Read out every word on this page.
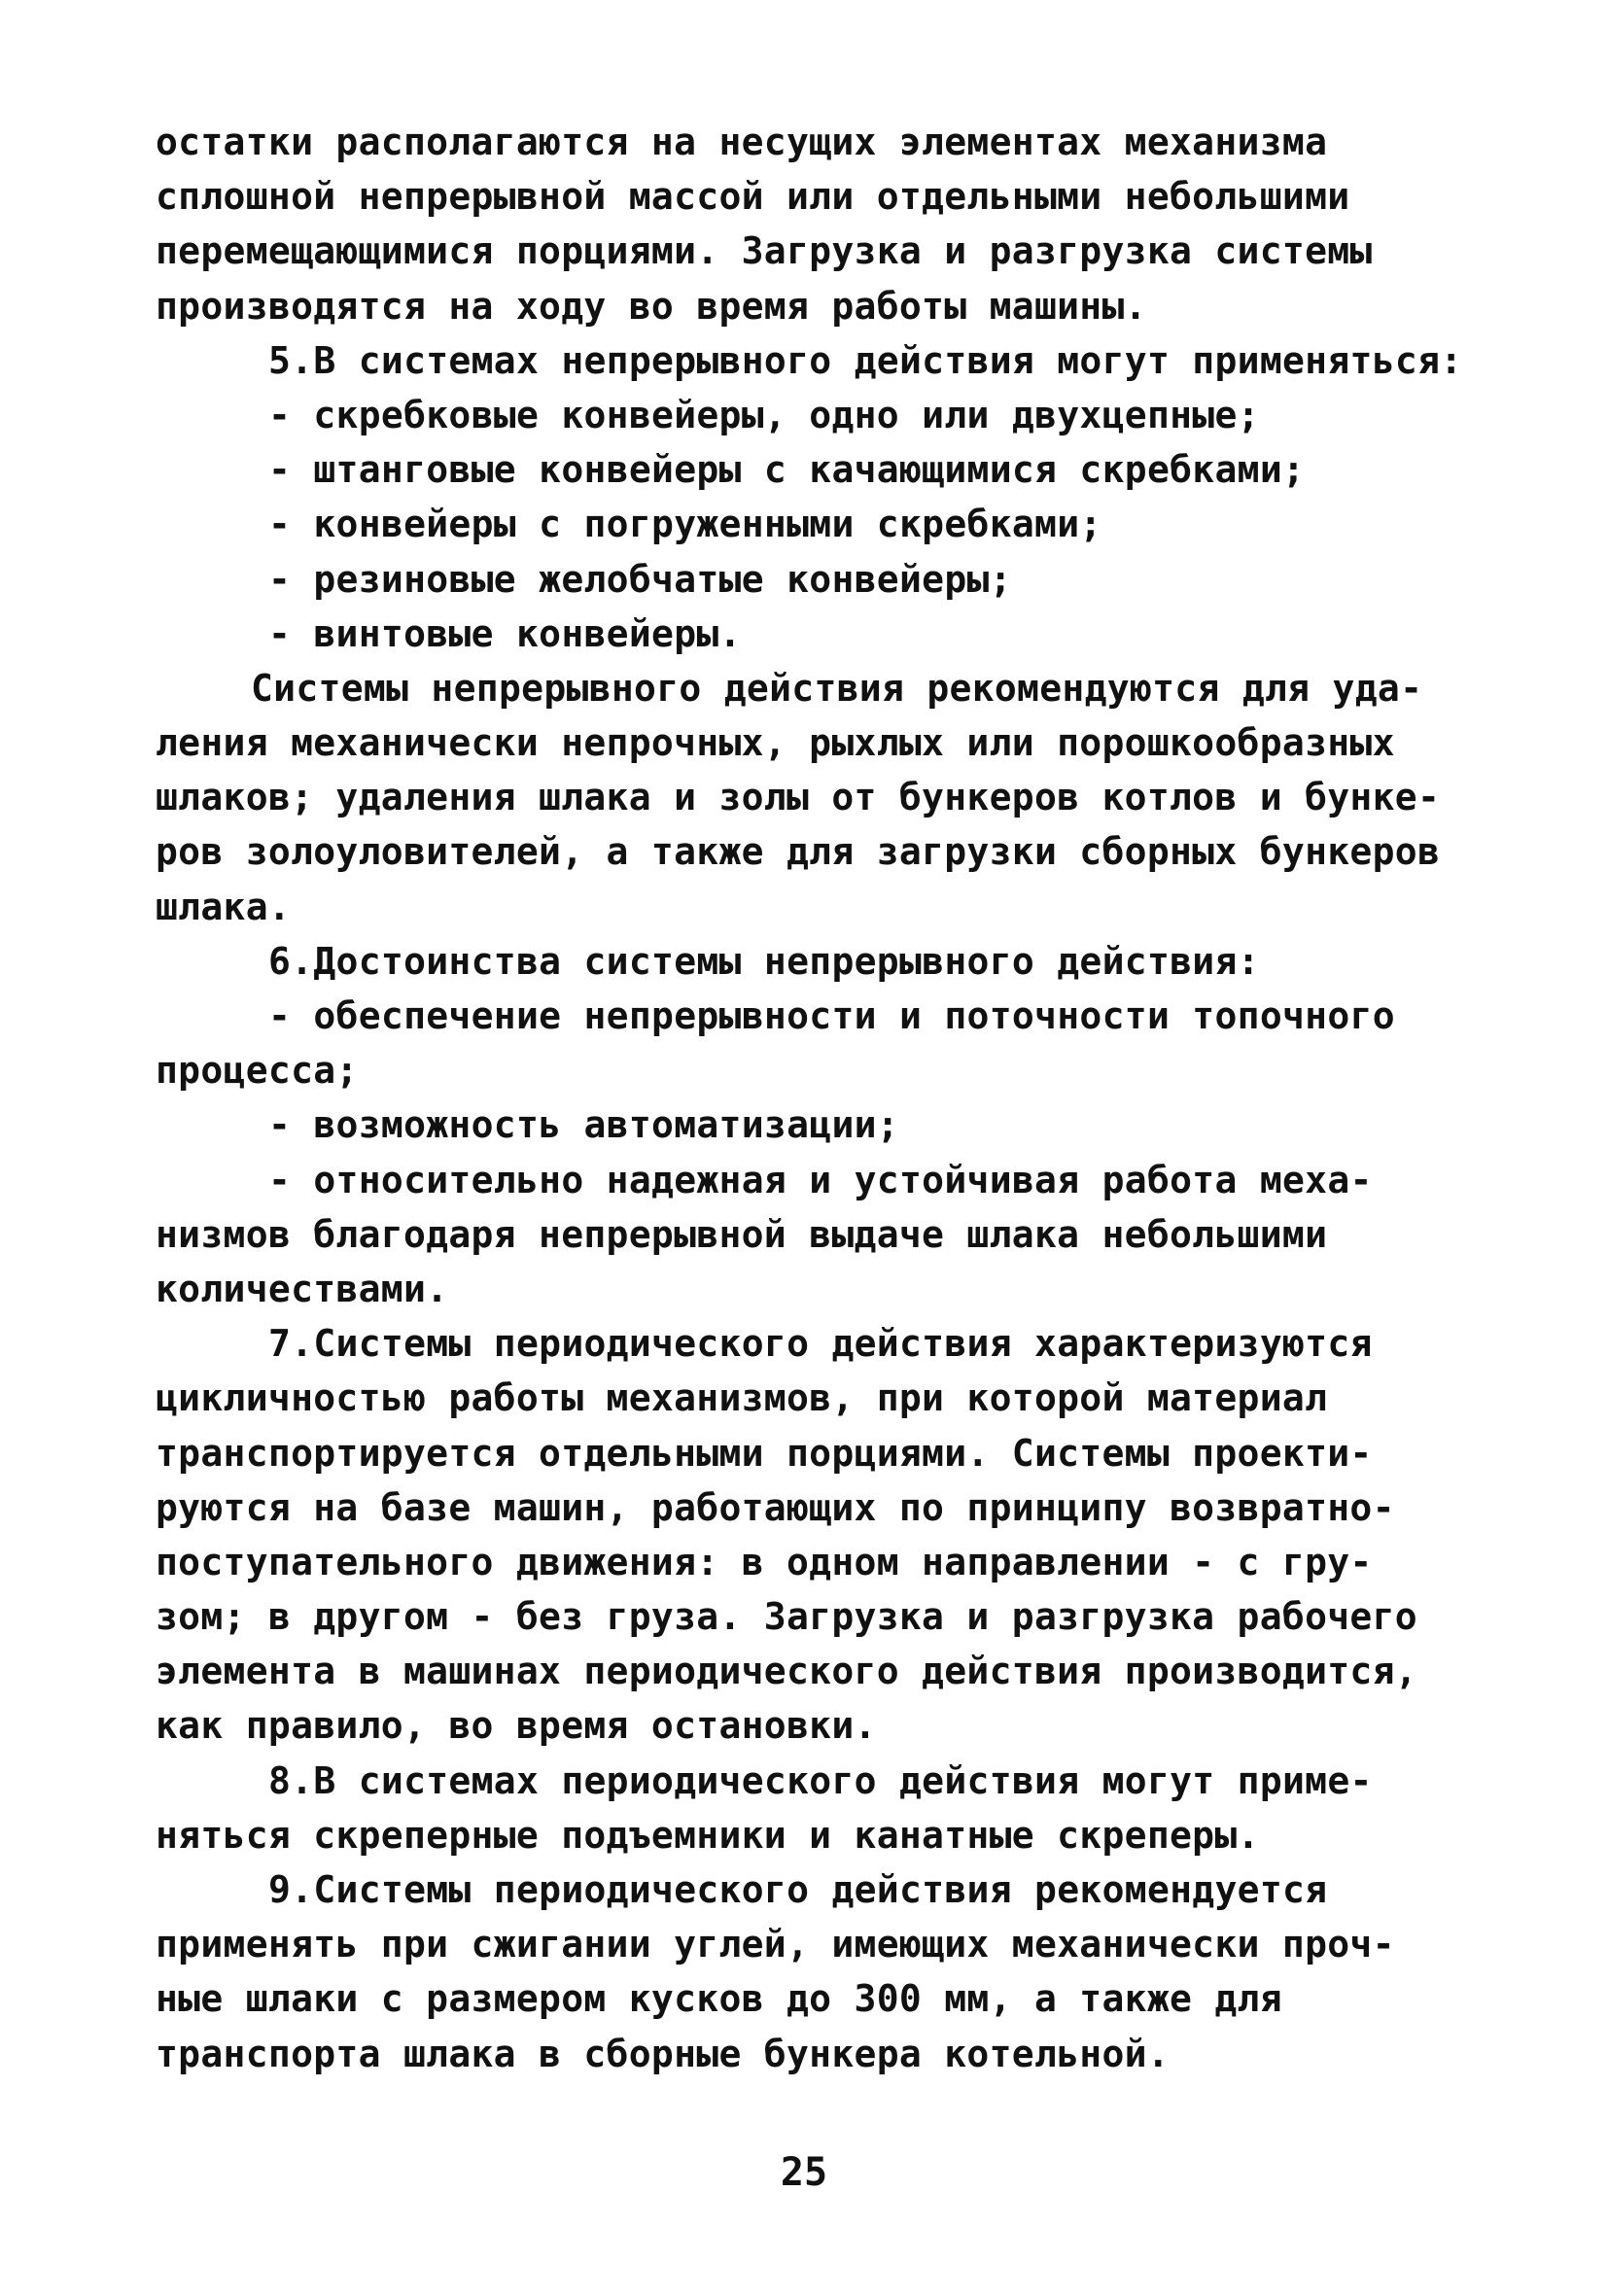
остатки располагаются на несущих элементах механизма
сплошной непрерывной массой или отдельными небольшими
перемещающимися порциями. Загрузка и разгрузка системы
производятся на ходу во время работы машины.
5.В системах непрерывного действия могут применяться:
- скребковые конвейеры, одно или двухцепные;
- штанговые конвейеры с качающимися скребками;
- конвейеры с погруженными скребками;
- резиновые желобчатые конвейеры;
- винтовые конвейеры.
Системы непрерывного действия рекомендуются для уда-
ления механически непрочных, рыхлых или порошкообразных
шлаков; удаления шлака и золы от бункеров котлов и бунке-
ров золоуловителей, а также для загрузки сборных бункеров
шлака.
6.Достоинства системы непрерывного действия:
- обеспечение непрерывности и поточности топочного
процесса;
- возможность автоматизации;
- относительно надежная и устойчивая работа меха-
низмов благодаря непрерывной выдаче шлака небольшими
количествами.
7.Системы периодического действия характеризуются
цикличностью работы механизмов, при которой материал
транспортируется отдельными порциями. Системы проекти-
руются на базе машин, работающих по принципу возвратно-
поступательного движения: в одном направлении - с гру-
зом; в другом - без груза. Загрузка и разгрузка рабочего
элемента в машинах периодического действия производится,
как правило, во время остановки.
8.В системах периодического действия могут приме-
няться скреперные подъемники и канатные скреперы.
9.Системы периодического действия рекомендуется
применять при сжигании углей, имеющих механически проч-
ные шлаки с размером кусков до 300 мм, а также для
транспорта шлака в сборные бункера котельной.
25
